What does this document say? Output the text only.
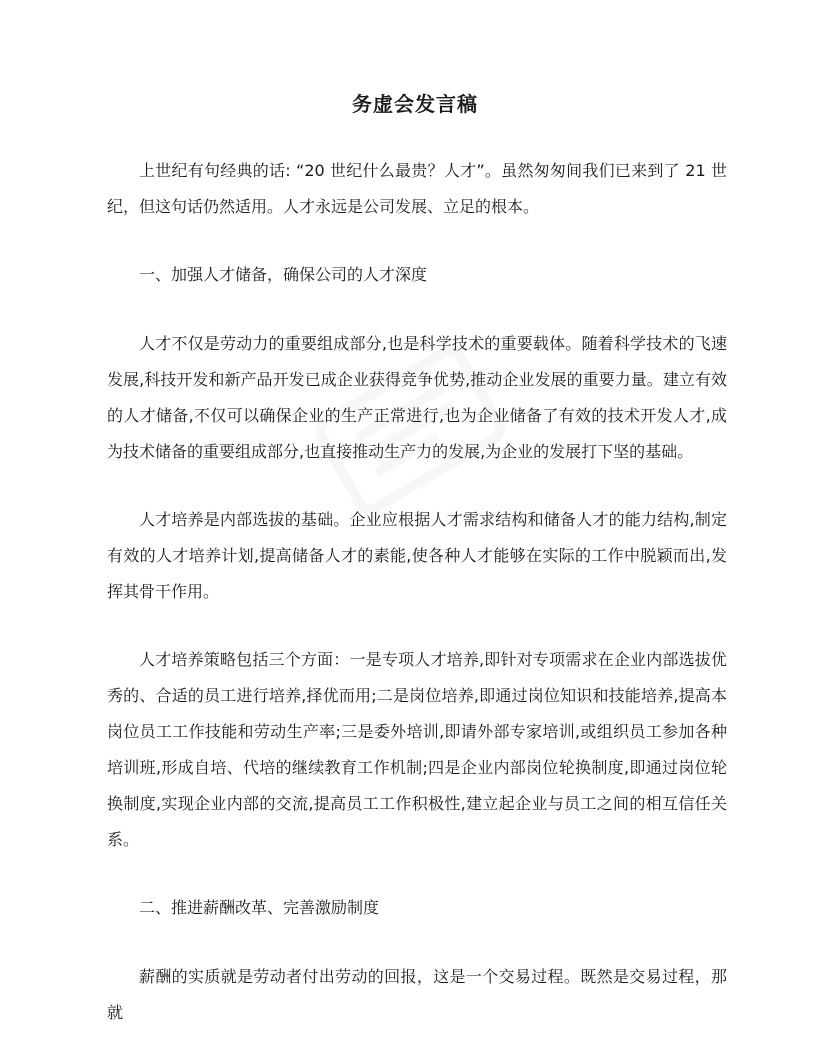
务虚会发言稿

上世纪有句经典的话: “20 世纪什么最贵？人才”。虽然匆匆间我们已来到了 21 世纪，但这句话仍然适用。人才永远是公司发展、立足的根本。

一、加强人才储备，确保公司的人才深度

人才不仅是劳动力的重要组成部分,也是科学技术的重要载体。随着科学技术的飞速发展,科技开发和新产品开发已成企业获得竞争优势,推动企业发展的重要力量。建立有效的人才储备,不仅可以确保企业的生产正常进行,也为企业储备了有效的技术开发人才,成为技术储备的重要组成部分,也直接推动生产力的发展,为企业的发展打下坚的基础。

人才培养是内部选拔的基础。企业应根据人才需求结构和储备人才的能力结构,制定有效的人才培养计划,提高储备人才的素能,使各种人才能够在实际的工作中脱颖而出,发挥其骨干作用。

人才培养策略包括三个方面：一是专项人才培养,即针对专项需求在企业内部选拔优秀的、合适的员工进行培养,择优而用;二是岗位培养,即通过岗位知识和技能培养,提高本岗位员工工作技能和劳动生产率;三是委外培训,即请外部专家培训,或组织员工参加各种培训班,形成自培、代培的继续教育工作机制;四是企业内部岗位轮换制度,即通过岗位轮换制度,实现企业内部的交流,提高员工工作积极性,建立起企业与员工之间的相互信任关系。

二、推进薪酬改革、完善激励制度

薪酬的实质就是劳动者付出劳动的回报，这是一个交易过程。既然是交易过程，那就
